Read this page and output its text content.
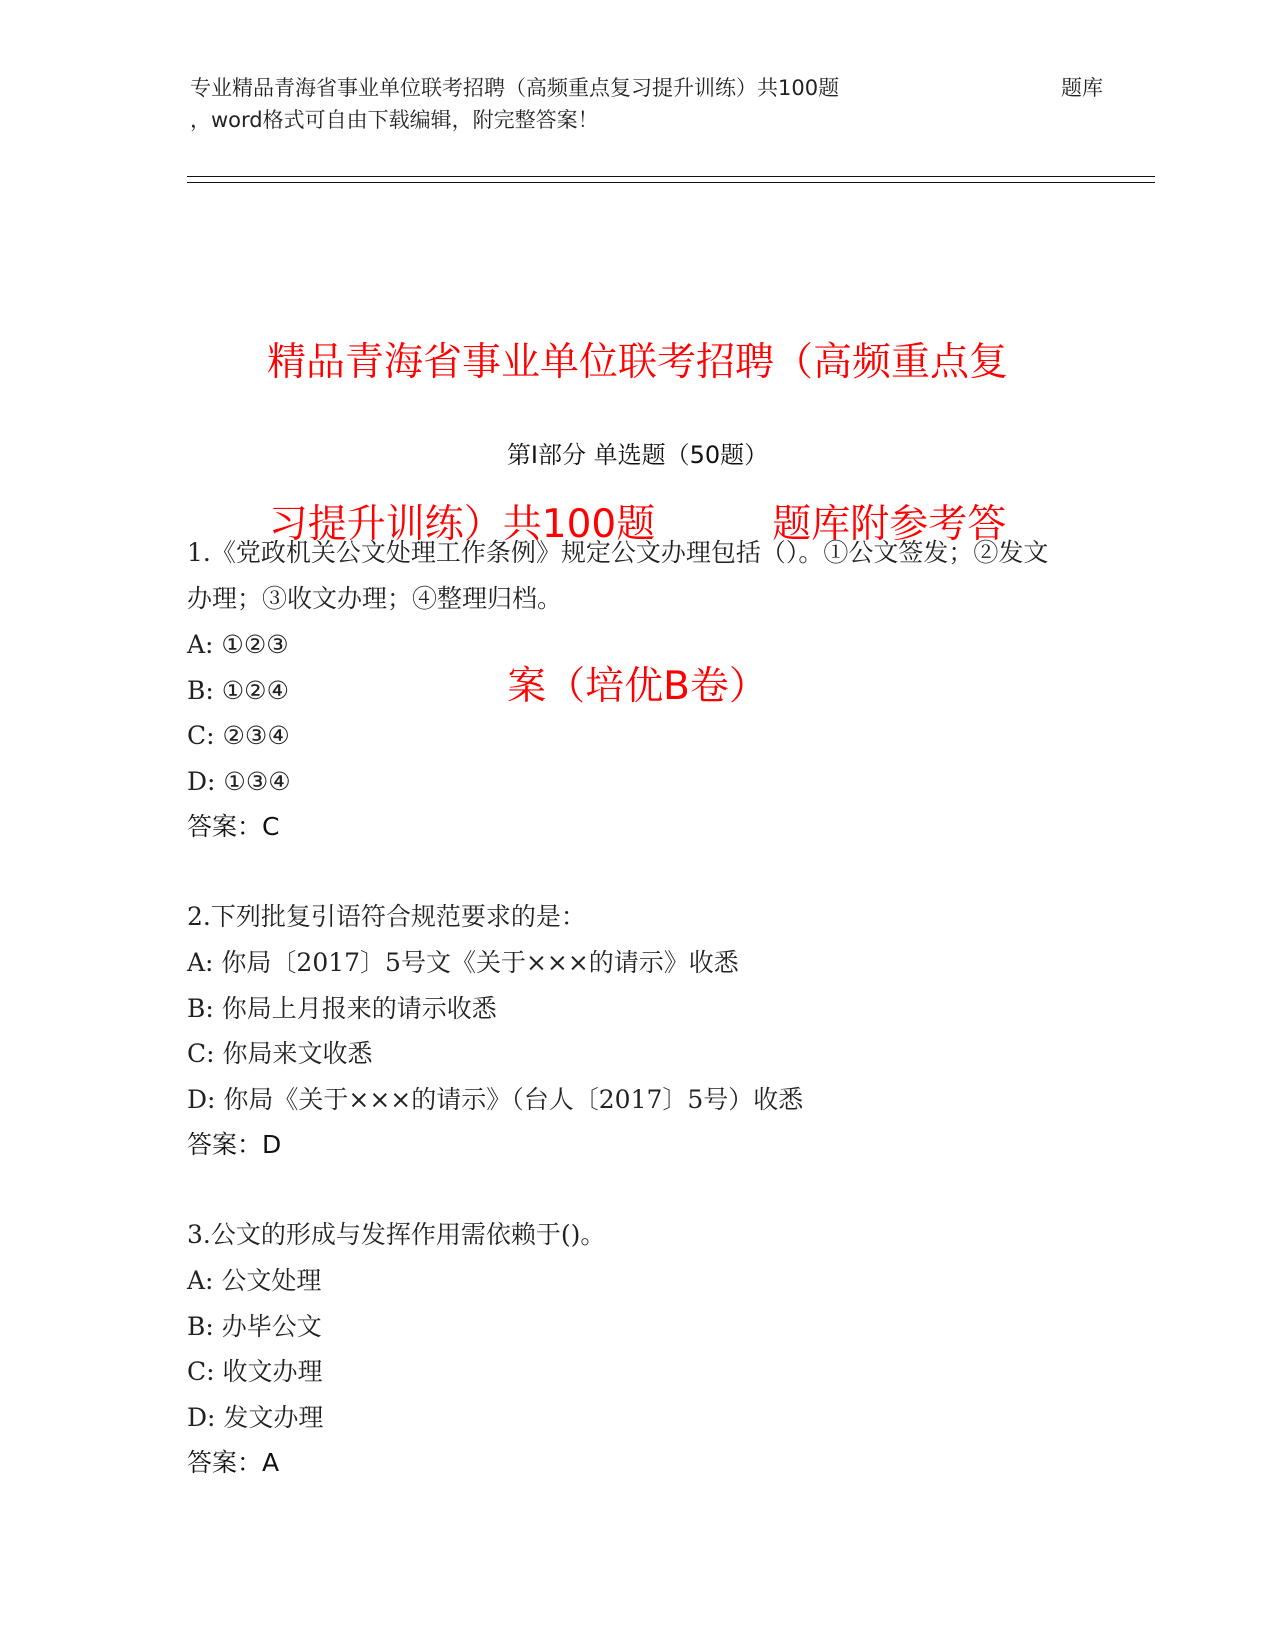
专业精品青海省事业单位联考招聘（高频重点复习提升训练）共100题	题库
，word格式可自由下载编辑，附完整答案！

精品青海省事业单位联考招聘（高频重点复

习提升训练）共100题　　　题库附参考答

案（培优B卷）

第Ⅰ部分 单选题（50题）
1.《党政机关公文处理工作条例》规定公文办理包括（）。①公文签发；②发文办理；③收文办理；④整理归档。
A: ①②③
B: ①②④
C: ②③④
D: ①③④
答案：C
2.下列批复引语符合规范要求的是：
A: 你局〔2017〕5号文《关于×××的请示》收悉
B: 你局上月报来的请示收悉
C: 你局来文收悉
D: 你局《关于×××的请示》（台人〔2017〕5号）收悉
答案：D
3.公文的形成与发挥作用需依赖于()。
A: 公文处理
B: 办毕公文
C: 收文办理
D: 发文办理
答案：A
